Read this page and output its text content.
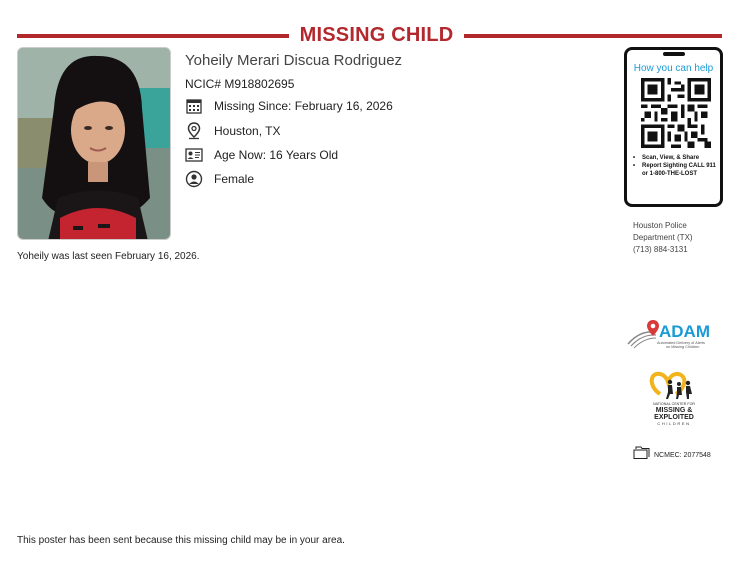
MISSING CHILD
Yoheily Merari Discua Rodriguez
NCIC# M918802695
Missing Since: February 16, 2026
Houston, TX
Age Now: 16 Years Old
Female
Yoheily was last seen February 16, 2026.
How you can help
• Scan, View, & Share
• Report Sighting CALL 911 or 1-800-THE-LOST
Houston Police
Department (TX)
(713) 884-3131
ADAM
Automated Delivery of Alerts
on Missing Children
NATIONAL CENTER FOR
MISSING &
EXPLOITED
CHILDREN
NCMEC: 2077548
This poster has been sent because this missing child may be in your area.
